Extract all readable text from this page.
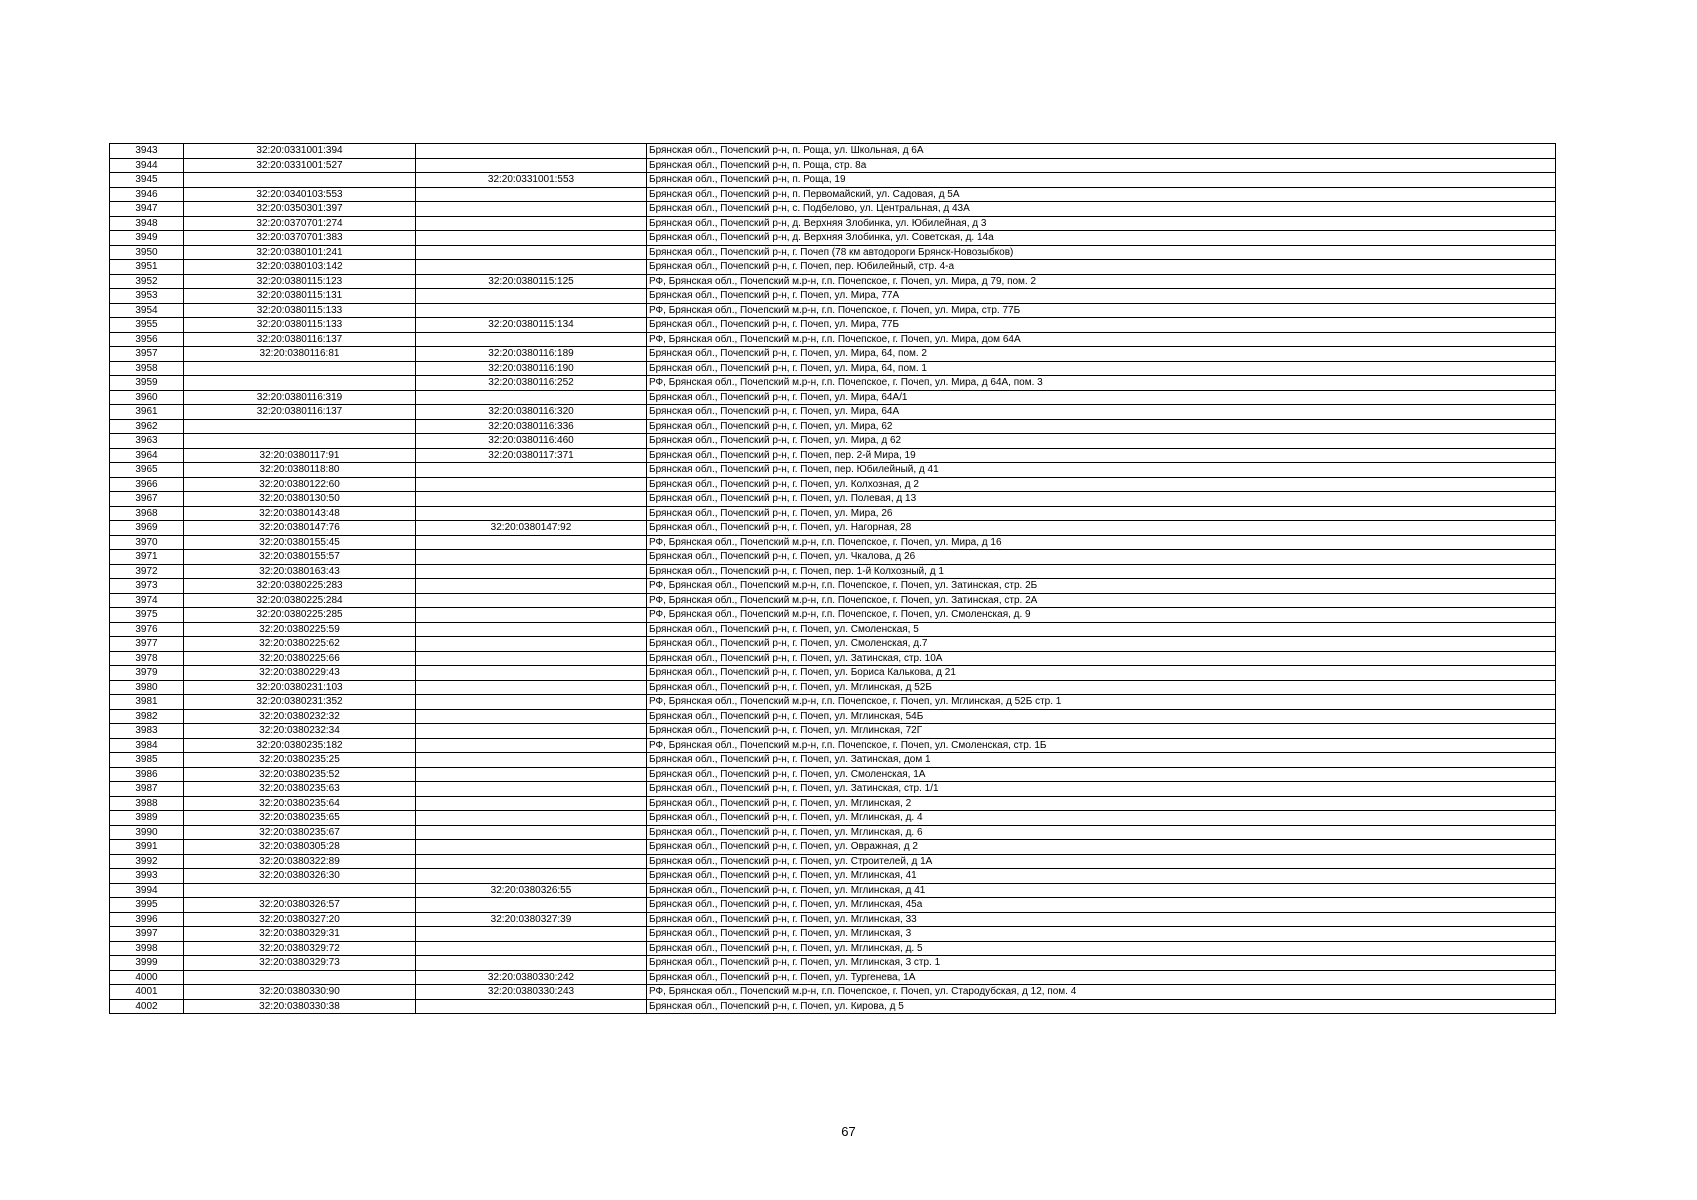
3943	32:20:0331001:394		Брянская обл., Почепский р-н, п. Роща, ул. Школьная, д 6А
3944	32:20:0331001:527		Брянская обл., Почепский р-н, п. Роща, стр. 8а
3945		32:20:0331001:553	Брянская обл., Почепский р-н, п. Роща, 19
3946	32:20:0340103:553		Брянская обл., Почепский р-н, п. Первомайский, ул. Садовая, д 5А
3947	32:20:0350301:397		Брянская обл., Почепский р-н, с. Подбелово, ул. Центральная, д 43А
3948	32:20:0370701:274		Брянская обл., Почепский р-н, д. Верхняя Злобинка, ул. Юбилейная, д 3
3949	32:20:0370701:383		Брянская обл., Почепский р-н, д. Верхняя Злобинка, ул. Советская, д. 14а
3950	32:20:0380101:241		Брянская обл., Почепский р-н, г. Почеп (78 км автодороги Брянск-Новозыбков)
3951	32:20:0380103:142		Брянская обл., Почепский р-н, г. Почеп, пер. Юбилейный, стр. 4-а
3952	32:20:0380115:123	32:20:0380115:125	РФ, Брянская обл., Почепский м.р-н, г.п. Почепское, г. Почеп, ул. Мира, д 79, пом. 2
3953	32:20:0380115:131		Брянская обл., Почепский р-н, г. Почеп, ул. Мира, 77А
3954	32:20:0380115:133		РФ, Брянская обл., Почепский м.р-н, г.п. Почепское, г. Почеп, ул. Мира, стр. 77Б
3955	32:20:0380115:133	32:20:0380115:134	Брянская обл., Почепский р-н, г. Почеп, ул. Мира, 77Б
3956	32:20:0380116:137		РФ, Брянская обл., Почепский м.р-н, г.п. Почепское, г. Почеп, ул. Мира, дом 64А
3957	32:20:0380116:81	32:20:0380116:189	Брянская обл., Почепский р-н, г. Почеп, ул. Мира, 64, пом. 2
3958		32:20:0380116:190	Брянская обл., Почепский р-н, г. Почеп, ул. Мира, 64, пом. 1
3959		32:20:0380116:252	РФ, Брянская обл., Почепский м.р-н, г.п. Почепское, г. Почеп, ул. Мира, д 64А, пом. 3
3960	32:20:0380116:319		Брянская обл., Почепский р-н, г. Почеп, ул. Мира, 64А/1
3961	32:20:0380116:137	32:20:0380116:320	Брянская обл., Почепский р-н, г. Почеп, ул. Мира, 64А
3962		32:20:0380116:336	Брянская обл., Почепский р-н, г. Почеп, ул. Мира, 62
3963		32:20:0380116:460	Брянская обл., Почепский р-н, г. Почеп, ул. Мира, д 62
3964	32:20:0380117:91	32:20:0380117:371	Брянская обл., Почепский р-н, г. Почеп, пер. 2-й Мира, 19
3965	32:20:0380118:80		Брянская обл., Почепский р-н, г. Почеп, пер. Юбилейный, д 41
3966	32:20:0380122:60		Брянская обл., Почепский р-н, г. Почеп, ул. Колхозная, д 2
3967	32:20:0380130:50		Брянская обл., Почепский р-н, г. Почеп, ул. Полевая, д 13
3968	32:20:0380143:48		Брянская обл., Почепский р-н, г. Почеп, ул. Мира, 26
3969	32:20:0380147:76	32:20:0380147:92	Брянская обл., Почепский р-н, г. Почеп, ул. Нагорная, 28
3970	32:20:0380155:45		РФ, Брянская обл., Почепский м.р-н, г.п. Почепское, г. Почеп, ул. Мира, д 16
3971	32:20:0380155:57		Брянская обл., Почепский р-н, г. Почеп, ул. Чкалова, д 26
3972	32:20:0380163:43		Брянская обл., Почепский р-н, г. Почеп, пер. 1-й Колхозный, д 1
3973	32:20:0380225:283		РФ, Брянская обл., Почепский м.р-н, г.п. Почепское, г. Почеп, ул. Затинская, стр. 2Б
3974	32:20:0380225:284		РФ, Брянская обл., Почепский м.р-н, г.п. Почепское, г. Почеп, ул. Затинская, стр. 2А
3975	32:20:0380225:285		РФ, Брянская обл., Почепский м.р-н, г.п. Почепское, г. Почеп, ул. Смоленская, д. 9
3976	32:20:0380225:59		Брянская обл., Почепский р-н, г. Почеп, ул. Смоленская, 5
3977	32:20:0380225:62		Брянская обл., Почепский р-н, г. Почеп, ул. Смоленская, д.7
3978	32:20:0380225:66		Брянская обл., Почепский р-н, г. Почеп, ул. Затинская, стр. 10А
3979	32:20:0380229:43		Брянская обл., Почепский р-н, г. Почеп, ул. Бориса Калькова, д 21
3980	32:20:0380231:103		Брянская обл., Почепский р-н, г. Почеп, ул. Мглинская, д 52Б
3981	32:20:0380231:352		РФ, Брянская обл., Почепский м.р-н, г.п. Почепское, г. Почеп, ул. Мглинская, д 52Б стр. 1
3982	32:20:0380232:32		Брянская обл., Почепский р-н, г. Почеп, ул. Мглинская, 54Б
3983	32:20:0380232:34		Брянская обл., Почепский р-н, г. Почеп, ул. Мглинская, 72Г
3984	32:20:0380235:182		РФ, Брянская обл., Почепский м.р-н, г.п. Почепское, г. Почеп, ул. Смоленская, стр. 1Б
3985	32:20:0380235:25		Брянская обл., Почепский р-н, г. Почеп, ул. Затинская, дом 1
3986	32:20:0380235:52		Брянская обл., Почепский р-н, г. Почеп, ул. Смоленская, 1А
3987	32:20:0380235:63		Брянская обл., Почепский р-н, г. Почеп, ул. Затинская, стр. 1/1
3988	32:20:0380235:64		Брянская обл., Почепский р-н, г. Почеп, ул. Мглинская, 2
3989	32:20:0380235:65		Брянская обл., Почепский р-н, г. Почеп, ул. Мглинская, д. 4
3990	32:20:0380235:67		Брянская обл., Почепский р-н, г. Почеп, ул. Мглинская, д. 6
3991	32:20:0380305:28		Брянская обл., Почепский р-н, г. Почеп, ул. Овражная, д 2
3992	32:20:0380322:89		Брянская обл., Почепский р-н, г. Почеп, ул. Строителей, д 1А
3993	32:20:0380326:30		Брянская обл., Почепский р-н, г. Почеп, ул. Мглинская, 41
3994		32:20:0380326:55	Брянская обл., Почепский р-н, г. Почеп, ул. Мглинская, д 41
3995	32:20:0380326:57		Брянская обл., Почепский р-н, г. Почеп, ул. Мглинская, 45а
3996	32:20:0380327:20	32:20:0380327:39	Брянская обл., Почепский р-н, г. Почеп, ул. Мглинская, 33
3997	32:20:0380329:31		Брянская обл., Почепский р-н, г. Почеп, ул. Мглинская, 3
3998	32:20:0380329:72		Брянская обл., Почепский р-н, г. Почеп, ул. Мглинская, д. 5
3999	32:20:0380329:73		Брянская обл., Почепский р-н, г. Почеп, ул. Мглинская, 3 стр. 1
4000		32:20:0380330:242	Брянская обл., Почепский р-н, г. Почеп, ул. Тургенева, 1А
4001	32:20:0380330:90	32:20:0380330:243	РФ, Брянская обл., Почепский м.р-н, г.п. Почепское, г. Почеп, ул. Стародубская, д 12, пом. 4
4002	32:20:0380330:38		Брянская обл., Почепский р-н, г. Почеп, ул. Кирова, д 5
67
